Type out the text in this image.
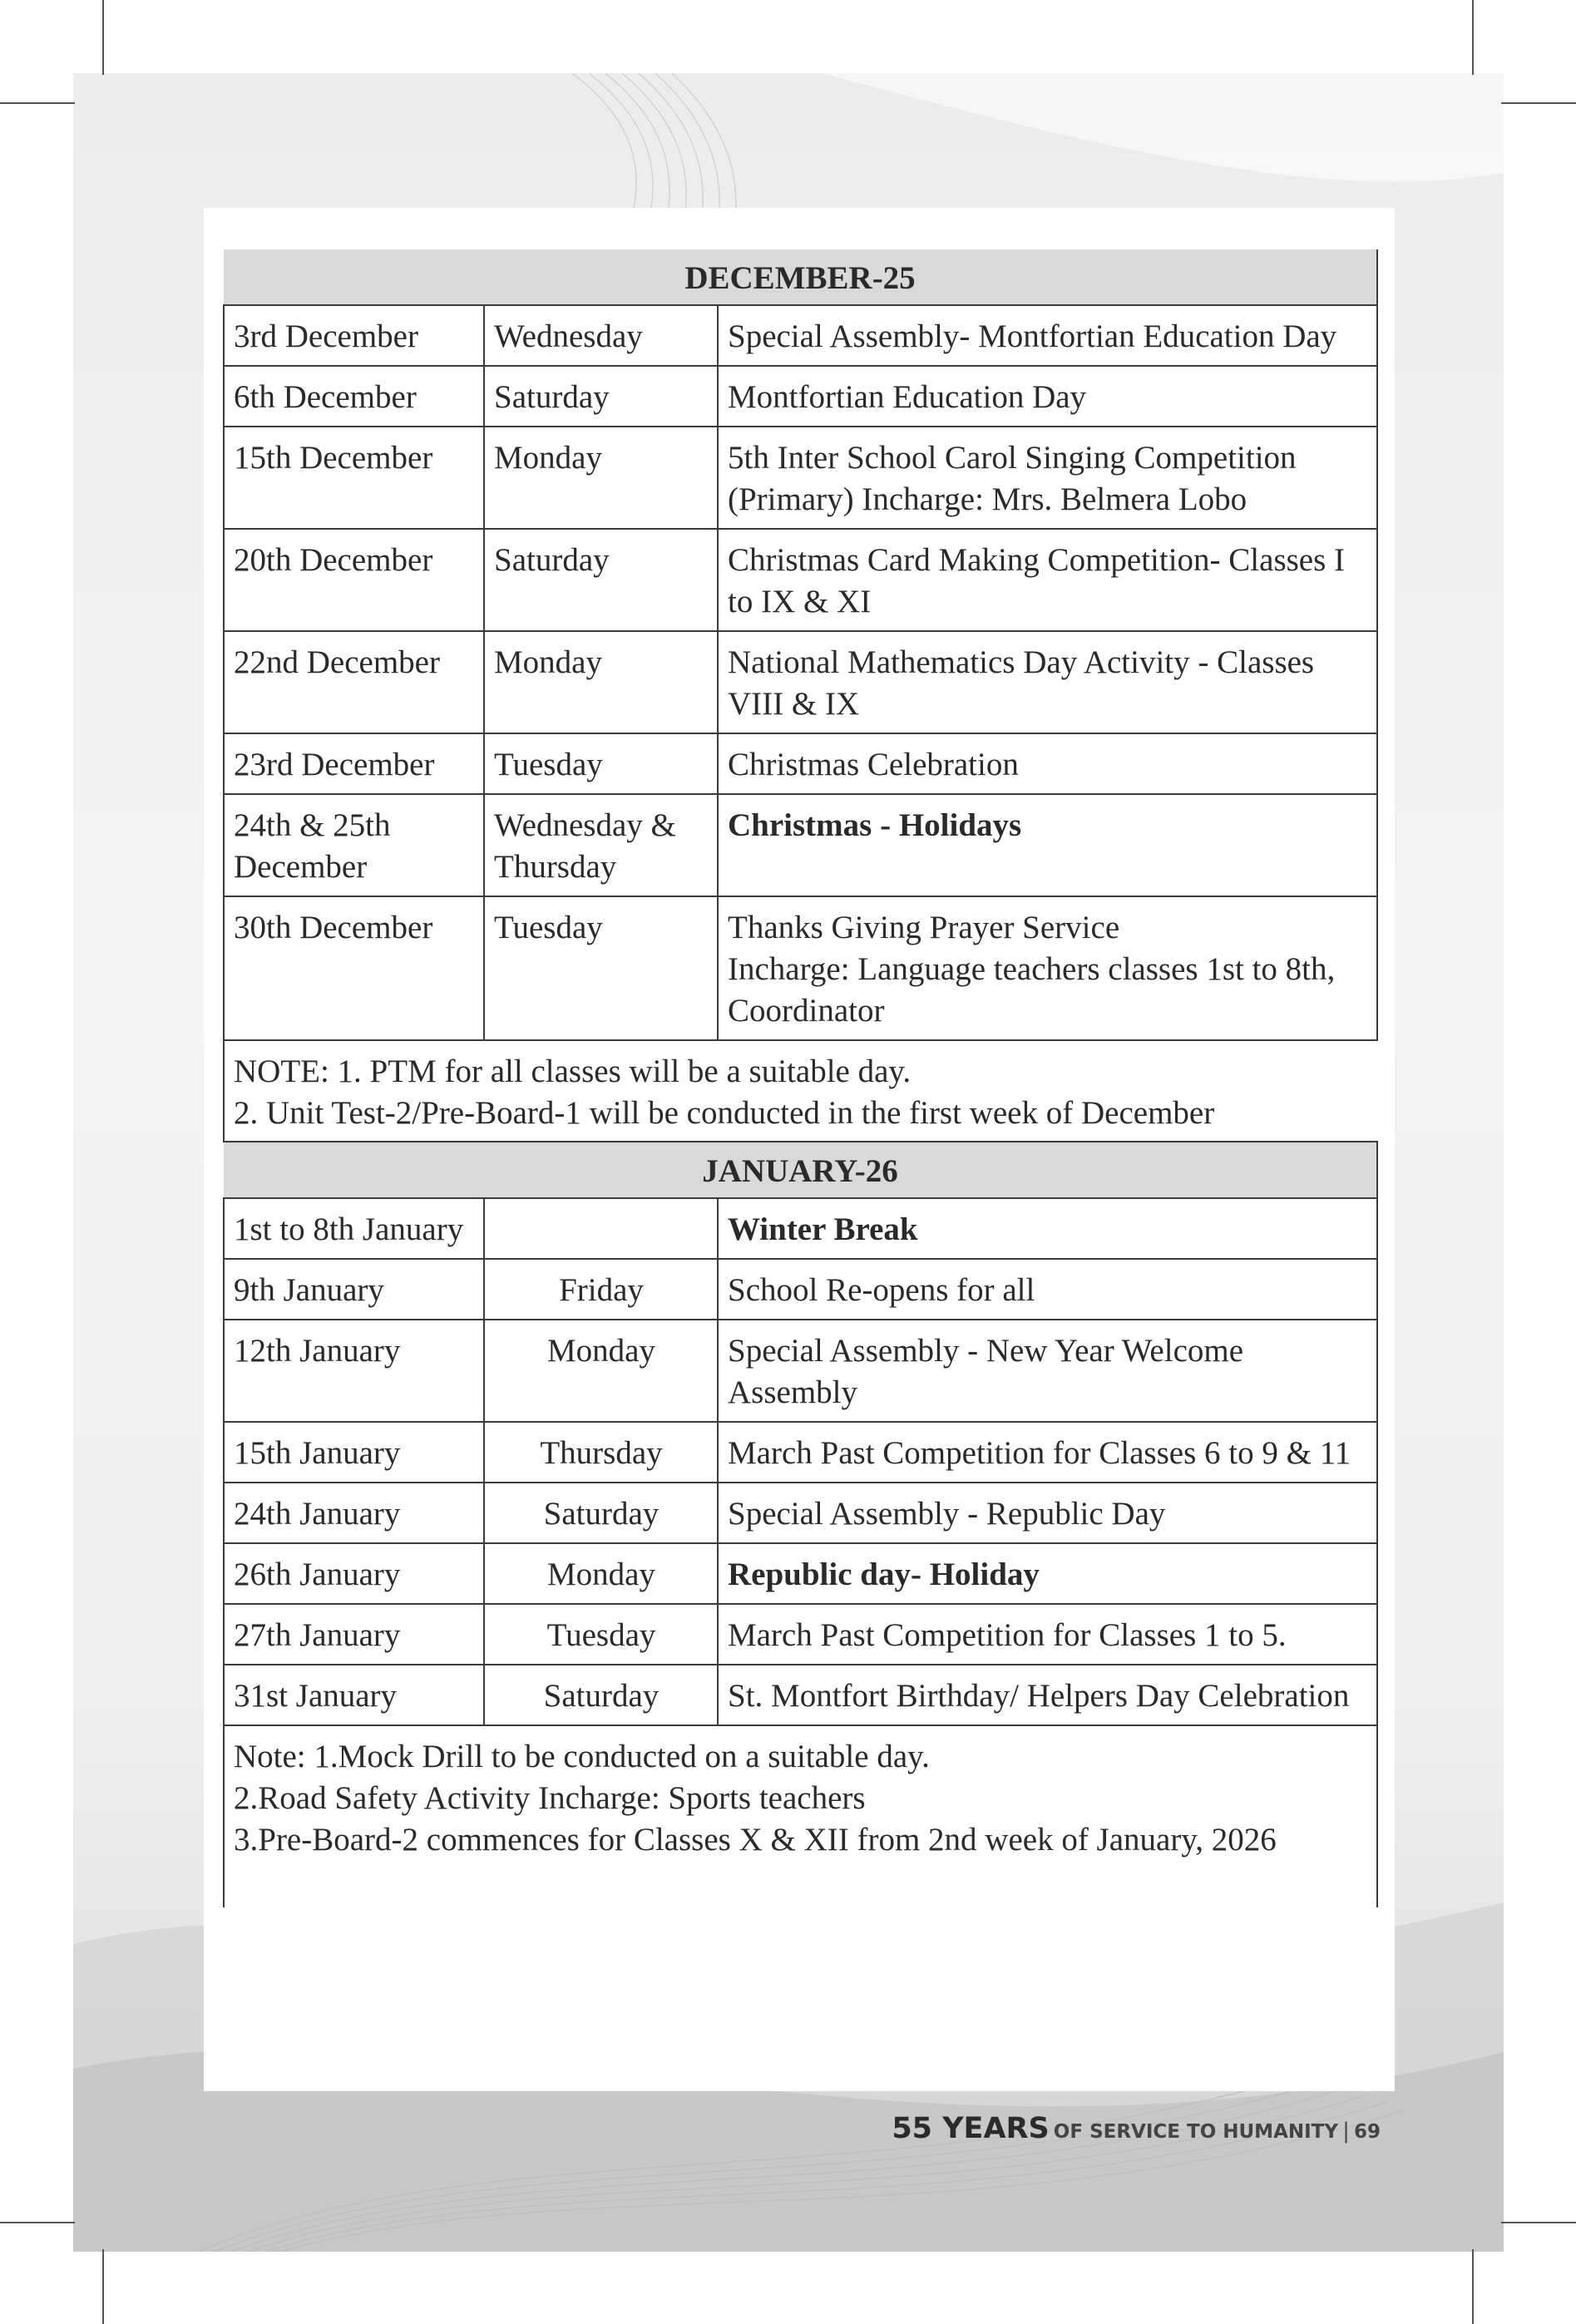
DECEMBER-25		
3rd December	Wednesday	Special Assembly- Montfortian Education Day
6th December	Saturday	Montfortian Education Day
15th December	Monday	5th Inter School Carol Singing Competition (Primary) Incharge: Mrs. Belmera Lobo
20th December	Saturday	Christmas Card Making Competition- Classes I to IX & XI
22nd December	Monday	National Mathematics Day Activity - Classes VIII & IX
23rd December	Tuesday	Christmas Celebration
24th & 25th December	Wednesday & Thursday	Christmas - Holidays
30th December	Tuesday	Thanks Giving Prayer Service
Incharge: Language teachers classes 1st to 8th, Coordinator

NOTE: 1. PTM for all classes will be a suitable day.
2. Unit Test-2/Pre-Board-1 will be conducted in the first week of December		

JANUARY-26		
1st to 8th January		Winter Break
9th January	Friday	School Re-opens for all
12th January	Monday	Special Assembly - New Year Welcome Assembly
15th January	Thursday	March Past Competition for Classes 6 to 9 & 11
24th January	Saturday	Special Assembly - Republic Day
26th January	Monday	Republic day- Holiday
27th January	Tuesday	March Past Competition for Classes 1 to 5.
31st January	Saturday	St. Montfort Birthday/ Helpers Day Celebration

Note: 1.Mock Drill to be conducted on a suitable day.
2.Road Safety Activity Incharge: Sports teachers
3.Pre-Board-2 commences for Classes X & XII from 2nd week of January, 2026		
55 YEARS OF SERVICE TO HUMANITY | 69
